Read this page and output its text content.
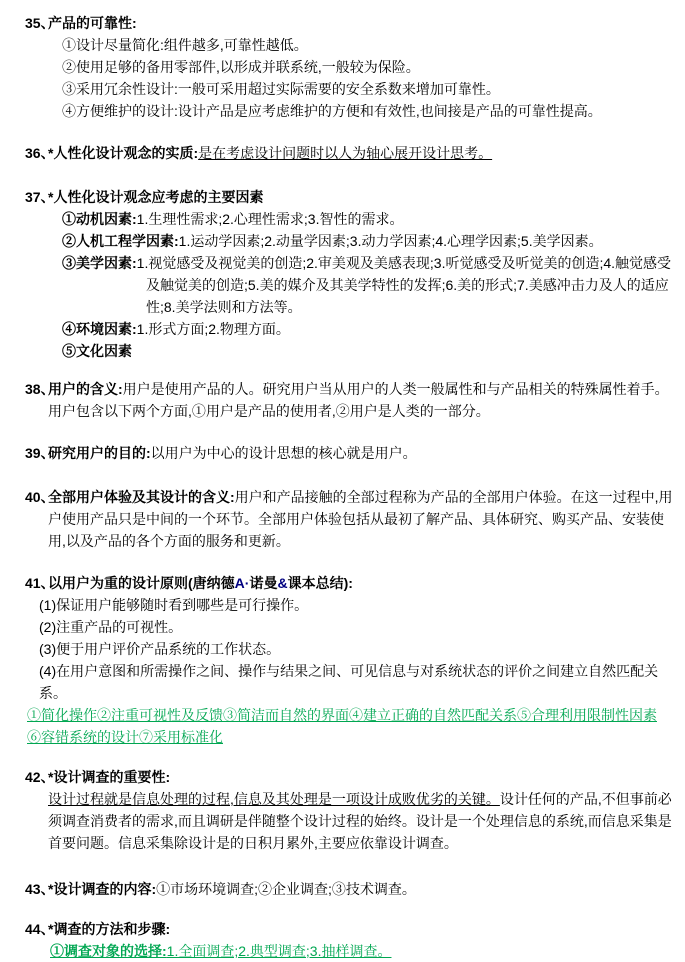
35、
产品的可靠性:
①设计尽量简化:组件越多,可靠性越低。
②使用足够的备用零部件,以形成并联系统,一般较为保险。
③采用冗余性设计:一般可采用超过实际需要的安全系数来增加可靠性。
④方便维护的设计:设计产品是应考虑维护的方便和有效性,也间接是产品的可靠性提高。
36、
*人性化设计观念的实质:是在考虑设计问题时以人为轴心展开设计思考。
37、
*人性化设计观念应考虑的主要因素
①动机因素:1.生理性需求;2.心理性需求;3.智性的需求。
②人机工程学因素:1.运动学因素;2.动量学因素;3.动力学因素;4.心理学因素;5.美学因素。
③美学因素:1.视觉感受及视觉美的创造;2.审美观及美感表现;3.听觉感受及听觉美的创造;4.触觉感受及触觉美的创造;5.美的媒介及其美学特性的发挥;6.美的形式;7.美感冲击力及人的适应性;8.美学法则和方法等。
④环境因素:1.形式方面;2.物理方面。
⑤文化因素
38、
用户的含义:用户是使用产品的人。研究用户当从用户的人类一般属性和与产品相关的特殊属性着手。用户包含以下两个方面,①用户是产品的使用者,②用户是人类的一部分。
39、
研究用户的目的:以用户为中心的设计思想的核心就是用户。
40、
全部用户体验及其设计的含义:用户和产品接触的全部过程称为产品的全部用户体验。在这一过程中,用户使用产品只是中间的一个环节。全部用户体验包括从最初了解产品、具体研究、购买产品、安装使用,以及产品的各个方面的服务和更新。
41、
以用户为重的设计原则(唐纳德A·诺曼&课本总结):
(1)保证用户能够随时看到哪些是可行操作。
(2)注重产品的可视性。
(3)便于用户评价产品系统的工作状态。
(4)在用户意图和所需操作之间、操作与结果之间、可见信息与对系统状态的评价之间建立自然匹配关系。
①简化操作②注重可视性及反馈③简洁而自然的界面④建立正确的自然匹配关系⑤合理利用限制性因素
⑥容错系统的设计⑦采用标准化
42、
*设计调查的重要性:
设计过程就是信息处理的过程,信息及其处理是一项设计成败优劣的关键。设计任何的产品,不但事前必须调查消费者的需求,而且调研是伴随整个设计过程的始终。设计是一个处理信息的系统,而信息采集是首要问题。信息采集除设计是的日积月累外,主要应依靠设计调查。
43、
*设计调查的内容:①市场环境调查;②企业调查;③技术调查。
44、
*调查的方法和步骤:
①调查对象的选择:1.全面调查;2.典型调查;3.抽样调查。
